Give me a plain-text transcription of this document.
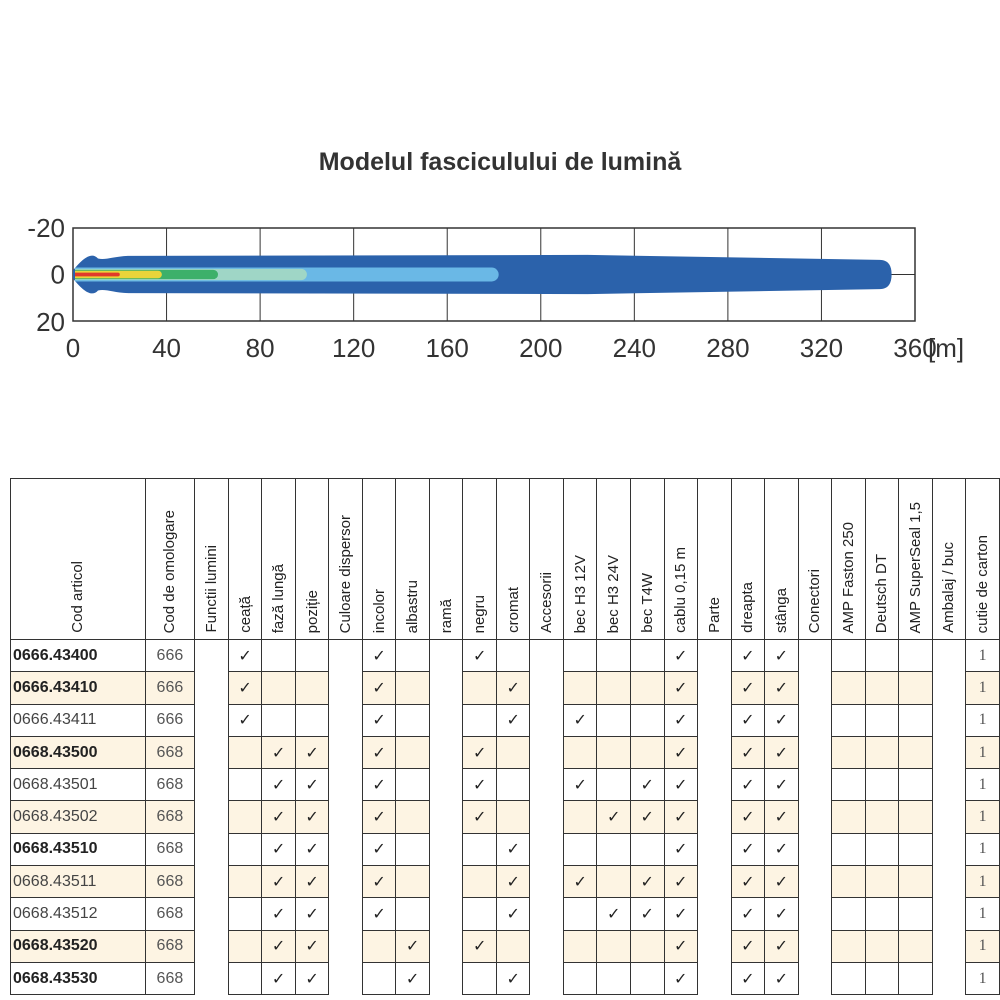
Modelul fasciculului de lumină
0	40 80 120 160 200 240 280 320 360
-20
0
20
[m]
Cod articol	Cod de omologare	Functii lumini	ceață	fază lungă	poziție	Culoare dispersor	incolor	albastru	ramă	negru	cromat	Accesorii	bec H3 12V	bec H3 24V	bec T4W	cablu 0,15 m	Parte	dreapta	stânga	Conectori	AMP Faston 250	Deutsch DT	AMP SuperSeal 1,5	Ambalaj / buc	cutie de carton

0666.43400	666		✓				✓			✓						✓		✓	✓						1
0666.43410	666		✓				✓				✓					✓		✓	✓						1
0666.43411	666		✓				✓				✓		✓			✓		✓	✓						1
0668.43500	668			✓	✓		✓			✓						✓		✓	✓						1
0668.43501	668			✓	✓		✓			✓			✓		✓	✓		✓	✓						1
0668.43502	668			✓	✓		✓			✓				✓	✓	✓		✓	✓						1
0668.43510	668			✓	✓		✓				✓					✓		✓	✓						1
0668.43511	668			✓	✓		✓				✓		✓		✓	✓		✓	✓						1
0668.43512	668			✓	✓		✓				✓			✓	✓	✓		✓	✓						1
0668.43520	668			✓	✓			✓		✓						✓		✓	✓						1
0668.43530	668			✓	✓			✓			✓					✓		✓	✓						1
